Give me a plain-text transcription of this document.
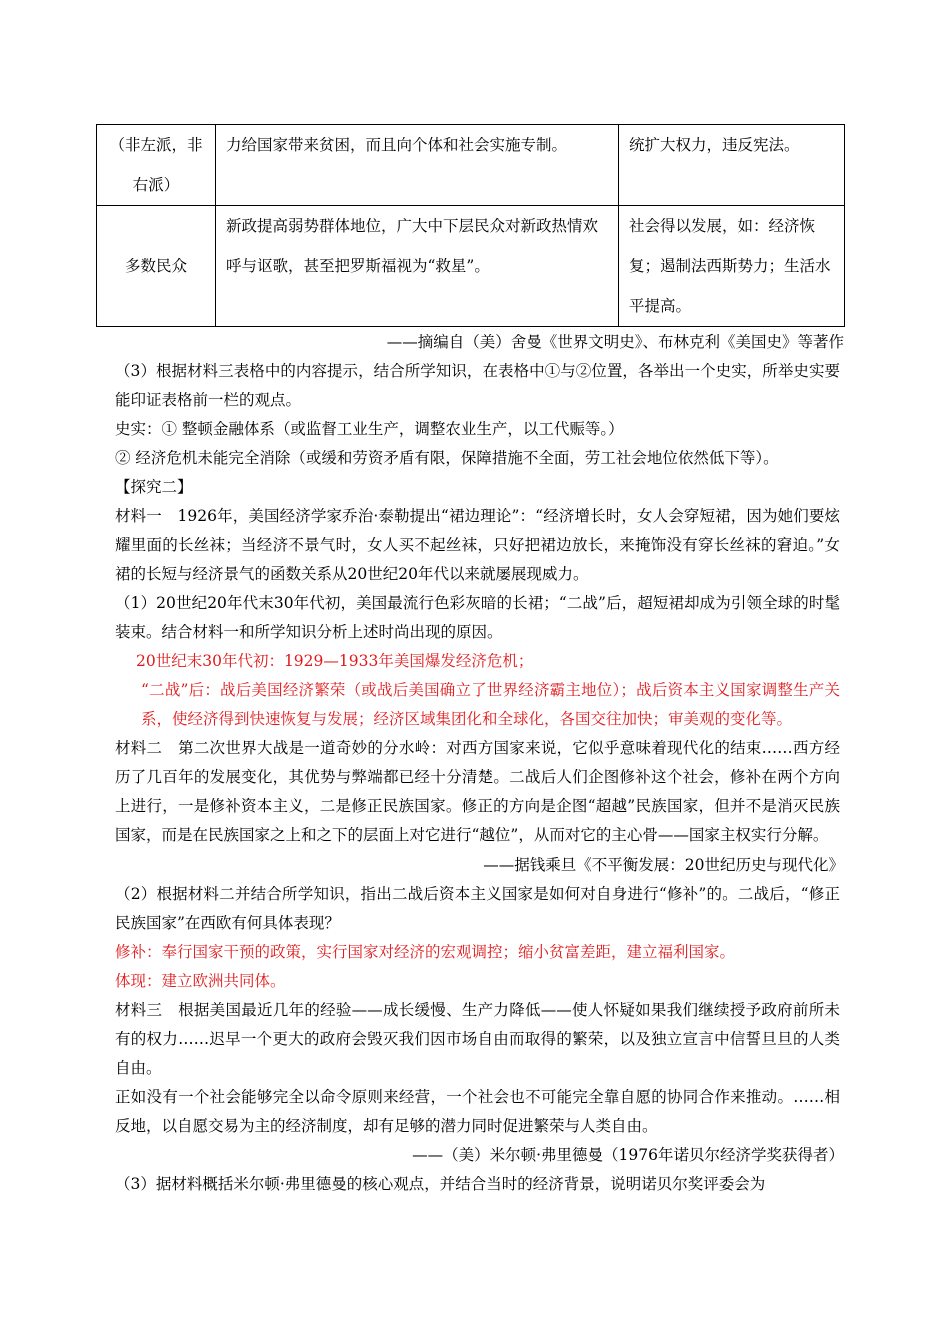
（非左派，非右派）	力给国家带来贫困，而且向个体和社会实施专制。	统扩大权力，违反宪法。
多数民众	新政提高弱势群体地位，广大中下层民众对新政热情欢呼与讴歌，甚至把罗斯福视为“救星”。	社会得以发展，如：经济恢复；遏制法西斯势力；生活水平提高。
——摘编自（美）舍曼《世界文明史》、布林克利《美国史》等著作

（3）根据材料三表格中的内容提示，结合所学知识，在表格中①与②位置，各举出一个史实，所举史实要能印证表格前一栏的观点。

史实：① 整顿金融体系（或监督工业生产，调整农业生产，以工代赈等。）

② 经济危机未能完全消除（或缓和劳资矛盾有限，保障措施不全面，劳工社会地位依然低下等）。

【探究二】

材料一　1926年，美国经济学家乔治·泰勒提出“裙边理论”：“经济增长时，女人会穿短裙，因为她们要炫耀里面的长丝袜；当经济不景气时，女人买不起丝袜，只好把裙边放长，来掩饰没有穿长丝袜的窘迫。”女裙的长短与经济景气的函数关系从20世纪20年代以来就屡展现威力。

（1）20世纪20年代末30年代初，美国最流行色彩灰暗的长裙；“二战”后，超短裙却成为引领全球的时髦装束。结合材料一和所学知识分析上述时尚出现的原因。

20世纪末30年代初：1929—1933年美国爆发经济危机；

“二战”后：战后美国经济繁荣（或战后美国确立了世界经济霸主地位）；战后资本主义国家调整生产关系，使经济得到快速恢复与发展；经济区域集团化和全球化，各国交往加快；审美观的变化等。

材料二　第二次世界大战是一道奇妙的分水岭：对西方国家来说，它似乎意味着现代化的结束……西方经历了几百年的发展变化，其优势与弊端都已经十分清楚。二战后人们企图修补这个社会，修补在两个方向上进行，一是修补资本主义，二是修正民族国家。修正的方向是企图“超越”民族国家，但并不是消灭民族国家，而是在民族国家之上和之下的层面上对它进行“越位”，从而对它的主心骨——国家主权实行分解。

——据钱乘旦《不平衡发展：20世纪历史与现代化》

（2）根据材料二并结合所学知识，指出二战后资本主义国家是如何对自身进行“修补”的。二战后，“修正民族国家”在西欧有何具体表现？

修补：奉行国家干预的政策，实行国家对经济的宏观调控；缩小贫富差距，建立福利国家。

体现：建立欧洲共同体。

材料三　根据美国最近几年的经验——成长缓慢、生产力降低——使人怀疑如果我们继续授予政府前所未有的权力……迟早一个更大的政府会毁灭我们因市场自由而取得的繁荣，以及独立宣言中信誓旦旦的人类自由。

正如没有一个社会能够完全以命令原则来经营，一个社会也不可能完全靠自愿的协同合作来推动。……相反地，以自愿交易为主的经济制度，却有足够的潜力同时促进繁荣与人类自由。

——（美）米尔顿·弗里德曼（1976年诺贝尔经济学奖获得者）

（3）据材料概括米尔顿·弗里德曼的核心观点，并结合当时的经济背景，说明诺贝尔奖评委会为
